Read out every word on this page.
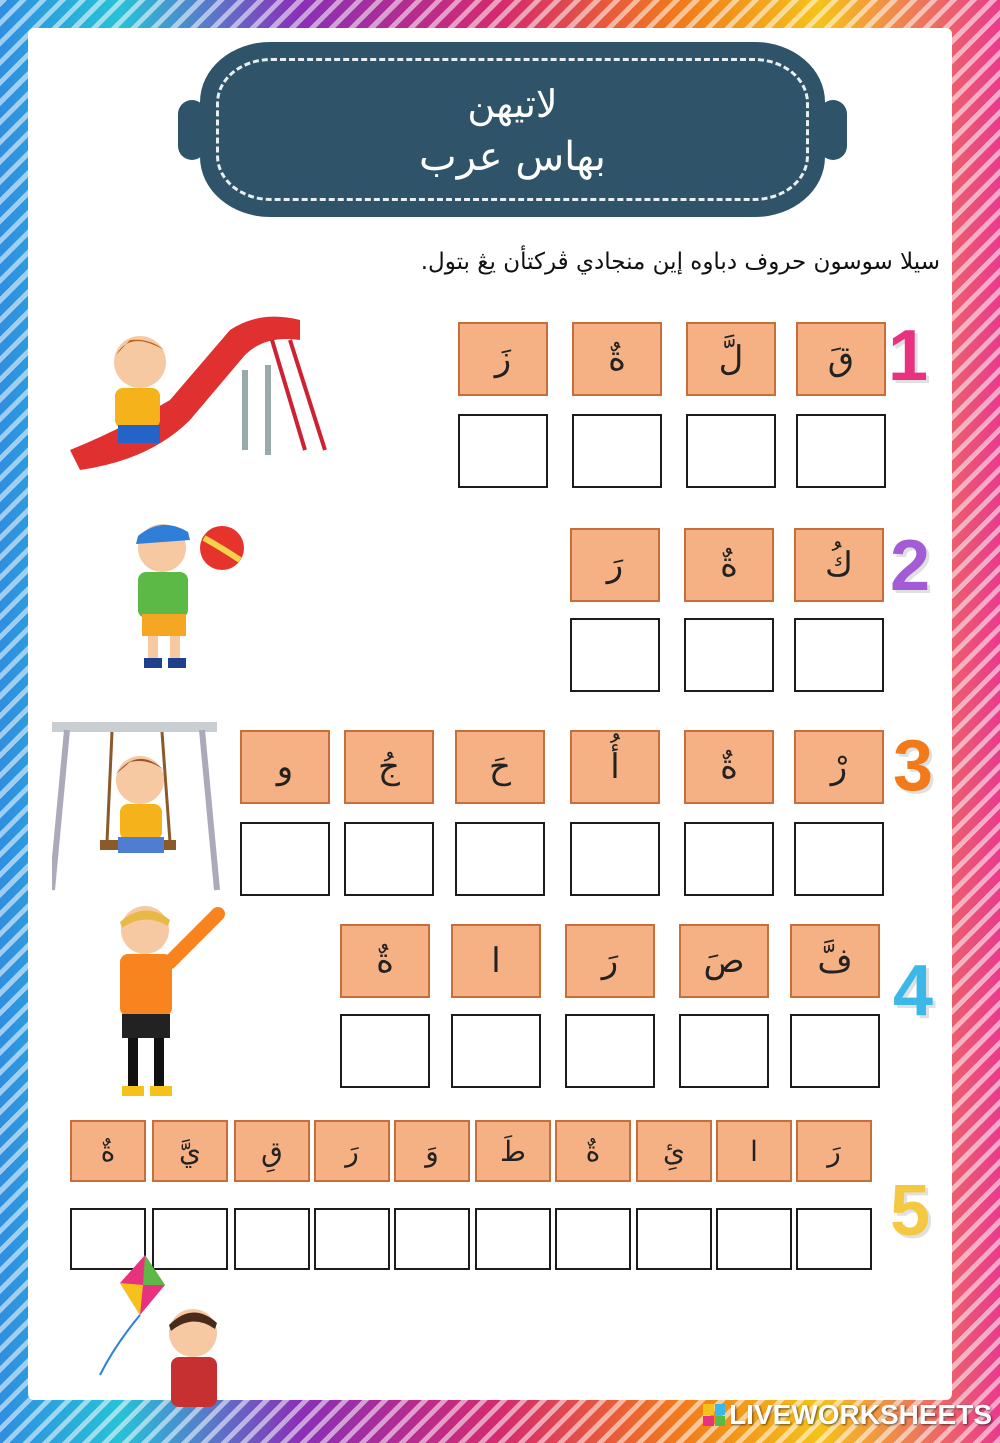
لاتيهن
بهاس عرب
سيلا سوسون حروف دباوه إين منجادي ڤركتأن يڠ بتول.
1
2
3
4
5
قَ
لَّ
ةٌ
زَ
كُ
ةٌ
رَ
رْ
ةٌ
أُ
حَ
جُ
و
فَّ
صَ
رَ
ا
ةٌ
رَ
ا
ئِ
ةٌ
طَ
وَ
رَ
قِ
يَّ
ةٌ
LIVEWORKSHEETS
